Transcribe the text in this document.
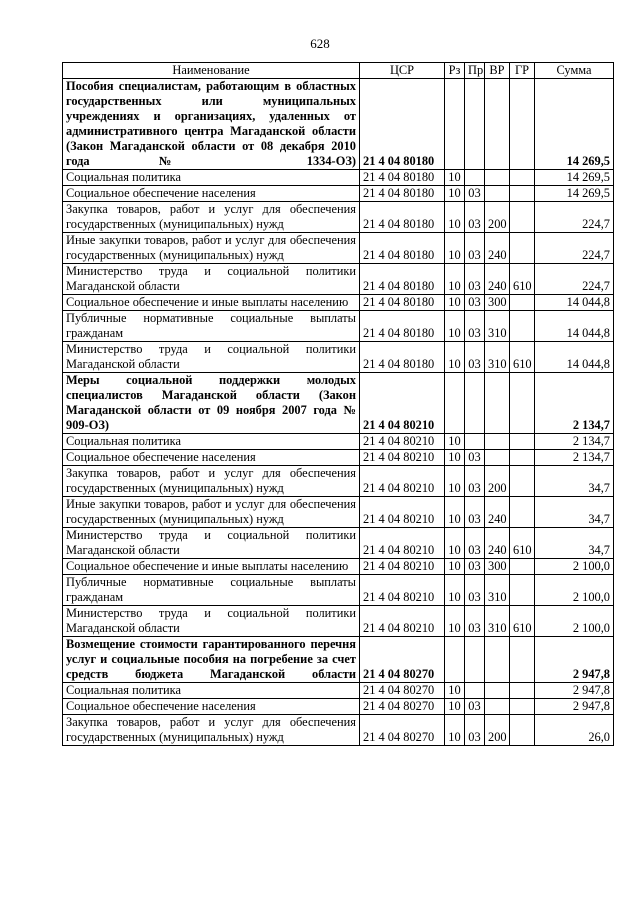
628
Наименование	ЦСР	Рз	Пр	ВР	ГР	Сумма
Пособия специалистам, работающим в областных государственных или муниципальных учреждениях и организациях, удаленных от административного центра Магаданской области (Закон Магаданской области от 08 декабря 2010 года № 1334-ОЗ)	21 4 04 80180					14 269,5
Социальная политика	21 4 04 80180	10				14 269,5
Социальное обеспечение населения	21 4 04 80180	10	03			14 269,5
Закупка товаров, работ и услуг для обеспечения государственных (муниципальных) нужд	21 4 04 80180	10	03	200		224,7
Иные закупки товаров, работ и услуг для обеспечения государственных (муниципальных) нужд	21 4 04 80180	10	03	240		224,7
Министерство труда и социальной политики Магаданской области	21 4 04 80180	10	03	240	610	224,7
Социальное обеспечение и иные выплаты населению	21 4 04 80180	10	03	300		14 044,8
Публичные нормативные социальные выплаты гражданам	21 4 04 80180	10	03	310		14 044,8
Министерство труда и социальной политики Магаданской области	21 4 04 80180	10	03	310	610	14 044,8
Меры социальной поддержки молодых специалистов Магаданской области (Закон Магаданской области от 09 ноября 2007 года № 909-ОЗ)	21 4 04 80210					2 134,7
Социальная политика	21 4 04 80210	10				2 134,7
Социальное обеспечение населения	21 4 04 80210	10	03			2 134,7
Закупка товаров, работ и услуг для обеспечения государственных (муниципальных) нужд	21 4 04 80210	10	03	200		34,7
Иные закупки товаров, работ и услуг для обеспечения государственных (муниципальных) нужд	21 4 04 80210	10	03	240		34,7
Министерство труда и социальной политики Магаданской области	21 4 04 80210	10	03	240	610	34,7
Социальное обеспечение и иные выплаты населению	21 4 04 80210	10	03	300		2 100,0
Публичные нормативные социальные выплаты гражданам	21 4 04 80210	10	03	310		2 100,0
Министерство труда и социальной политики Магаданской области	21 4 04 80210	10	03	310	610	2 100,0
Возмещение стоимости гарантированного перечня услуг и социальные пособия на погребение за счет средств бюджета Магаданской области	21 4 04 80270					2 947,8
Социальная политика	21 4 04 80270	10				2 947,8
Социальное обеспечение населения	21 4 04 80270	10	03			2 947,8
Закупка товаров, работ и услуг для обеспечения государственных (муниципальных) нужд	21 4 04 80270	10	03	200		26,0
